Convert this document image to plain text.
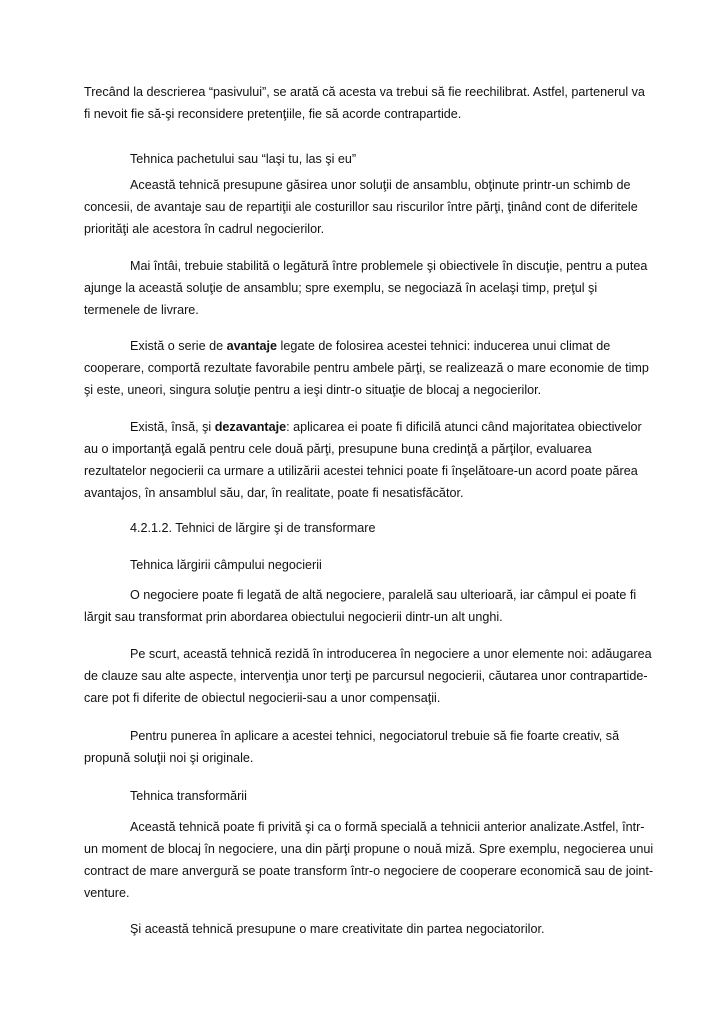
Trecând la descrierea “pasivului”, se arată că acesta va trebui să fie reechilibrat. Astfel, partenerul va
fi nevoit fie să-şi reconsidere pretenţiile, fie să acorde contrapartide.
Tehnica pachetului sau “laşi tu, las şi eu”
Această tehnică presupune găsirea unor soluţii de ansamblu, obţinute printr-un schimb de
concesii, de avantaje sau de repartiţii ale costurillor sau riscurilor între părţi, ţinând cont de diferitele
priorităţi ale acestora în cadrul negocierilor.
Mai întâi, trebuie stabilită o legătură între problemele şi obiectivele în discuţie, pentru a putea
ajunge la această soluţie de ansamblu; spre exemplu, se negociază în acelaşi timp, preţul şi
termenele de livrare.
Există o serie de avantaje legate de folosirea acestei tehnici: inducerea unui climat de
cooperare, comportă rezultate favorabile pentru ambele părţi, se realizează o mare economie de timp
şi este, uneori, singura soluţie pentru a ieşi dintr-o situaţie de blocaj a negocierilor.
Există, însă, şi dezavantaje: aplicarea ei poate fi dificilă atunci când majoritatea obiectivelor
au o importanţă egală pentru cele două părţi, presupune buna credinţă a părţilor, evaluarea
rezultatelor negocierii ca urmare a utilizării acestei tehnici poate fi înşelătoare-un acord poate părea
avantajos, în ansamblul său, dar, în realitate, poate fi nesatisfăcător.
4.2.1.2. Tehnici de lărgire şi de transformare
Tehnica lărgirii câmpului negocierii
O negociere poate fi legată de altă negociere, paralelă sau ulterioară, iar câmpul ei poate fi
lărgit sau transformat prin abordarea obiectului negocierii dintr-un alt unghi.
Pe scurt, această tehnică rezidă în introducerea în negociere a unor elemente noi: adăugarea
de clauze sau alte aspecte, intervenţia unor terţi pe parcursul negocierii, căutarea unor contrapartide-
care pot fi diferite de obiectul negocierii-sau a unor compensaţii.
Pentru punerea în aplicare a acestei tehnici, negociatorul trebuie să fie foarte creativ, să
propună soluţii noi şi originale.
Tehnica transformării
Această tehnică poate fi privită şi ca o formă specială a tehnicii anterior analizate.Astfel, într-
un moment de blocaj în negociere, una din părţi propune o nouă miză. Spre exemplu, negocierea unui
contract de mare anvergură se poate transform într-o negociere de cooperare economică sau de joint-
venture.
Şi această tehnică presupune o mare creativitate din partea negociatorilor.
